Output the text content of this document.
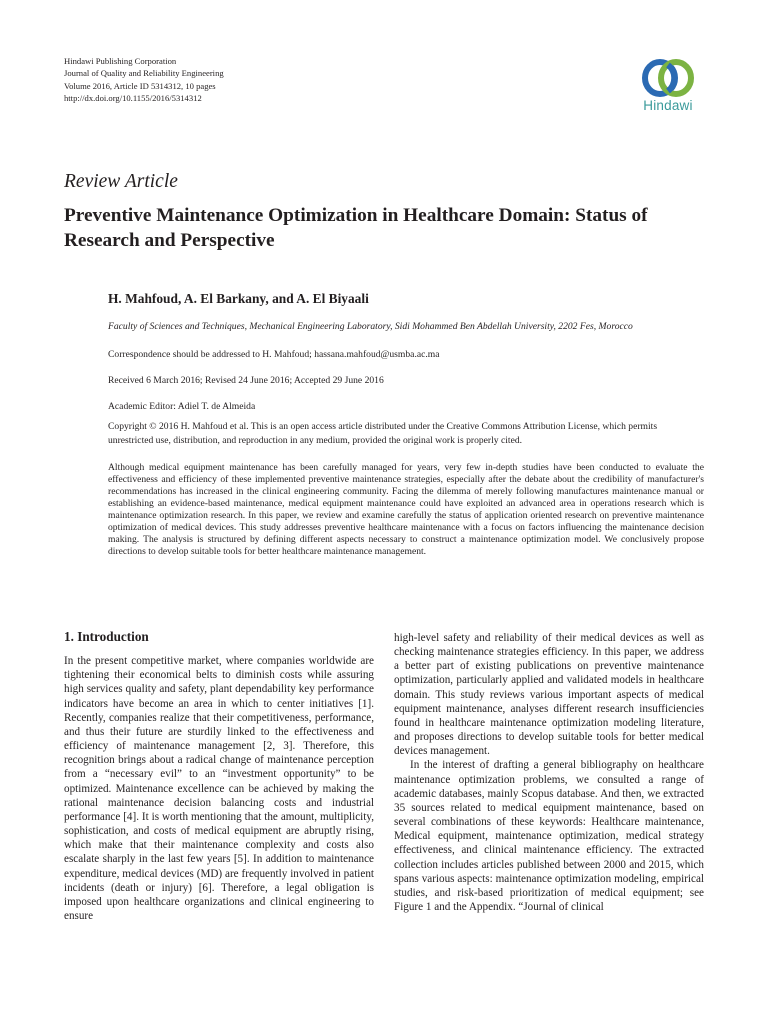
Hindawi Publishing Corporation
Journal of Quality and Reliability Engineering
Volume 2016, Article ID 5314312, 10 pages
http://dx.doi.org/10.1155/2016/5314312	Hindawi
Review Article
Preventive Maintenance Optimization in Healthcare Domain: Status of Research and Perspective
H. Mahfoud, A. El Barkany, and A. El Biyaali
Faculty of Sciences and Techniques, Mechanical Engineering Laboratory, Sidi Mohammed Ben Abdellah University, 2202 Fes, Morocco
Correspondence should be addressed to H. Mahfoud; hassana.mahfoud@usmba.ac.ma
Received 6 March 2016; Revised 24 June 2016; Accepted 29 June 2016
Academic Editor: Adiel T. de Almeida
Copyright © 2016 H. Mahfoud et al. This is an open access article distributed under the Creative Commons Attribution License, which permits unrestricted use, distribution, and reproduction in any medium, provided the original work is properly cited.
Although medical equipment maintenance has been carefully managed for years, very few in-depth studies have been conducted to evaluate the effectiveness and efficiency of these implemented preventive maintenance strategies, especially after the debate about the credibility of manufacturer's recommendations has increased in the clinical engineering community. Facing the dilemma of merely following manufactures maintenance manual or establishing an evidence-based maintenance, medical equipment maintenance could have exploited an advanced area in operations research which is maintenance optimization research. In this paper, we review and examine carefully the status of application oriented research on preventive maintenance optimization of medical devices. This study addresses preventive healthcare maintenance with a focus on factors influencing the maintenance decision making. The analysis is structured by defining different aspects necessary to construct a maintenance optimization model. We conclusively propose directions to develop suitable tools for better healthcare maintenance management.
1. Introduction

In the present competitive market, where companies worldwide are tightening their economical belts to diminish costs while assuring high services quality and safety, plant dependability key performance indicators have become an area in which to center initiatives [1]. Recently, companies realize that their competitiveness, performance, and thus their future are sturdily linked to the effectiveness and efficiency of maintenance management [2, 3]. Therefore, this recognition brings about a radical change of maintenance perception from a “necessary evil” to an “investment opportunity” to be optimized. Maintenance excellence can be achieved by making the rational maintenance decision balancing costs and industrial performance [4]. It is worth mentioning that the amount, multiplicity, sophistication, and costs of medical equipment are abruptly rising, which make that their maintenance complexity and costs also escalate sharply in the last few years [5]. In addition to maintenance expenditure, medical devices (MD) are frequently involved in patient incidents (death or injury) [6]. Therefore, a legal obligation is imposed upon healthcare organizations and clinical engineering to ensure

high-level safety and reliability of their medical devices as well as checking maintenance strategies efficiency. In this paper, we address a better part of existing publications on preventive maintenance optimization, particularly applied and validated models in healthcare domain. This study reviews various important aspects of medical equipment maintenance, analyses different research insufficiencies found in healthcare maintenance optimization modeling literature, and proposes directions to develop suitable tools for better medical devices management.

In the interest of drafting a general bibliography on healthcare maintenance optimization problems, we consulted a range of academic databases, mainly Scopus database. And then, we extracted 35 sources related to medical equipment maintenance, based on several combinations of these keywords: Healthcare maintenance, Medical equipment, maintenance optimization, medical strategy effectiveness, and clinical maintenance efficiency. The extracted collection includes articles published between 2000 and 2015, which spans various aspects: maintenance optimization modeling, empirical studies, and risk-based prioritization of medical equipment; see Figure 1 and the Appendix. “Journal of clinical
